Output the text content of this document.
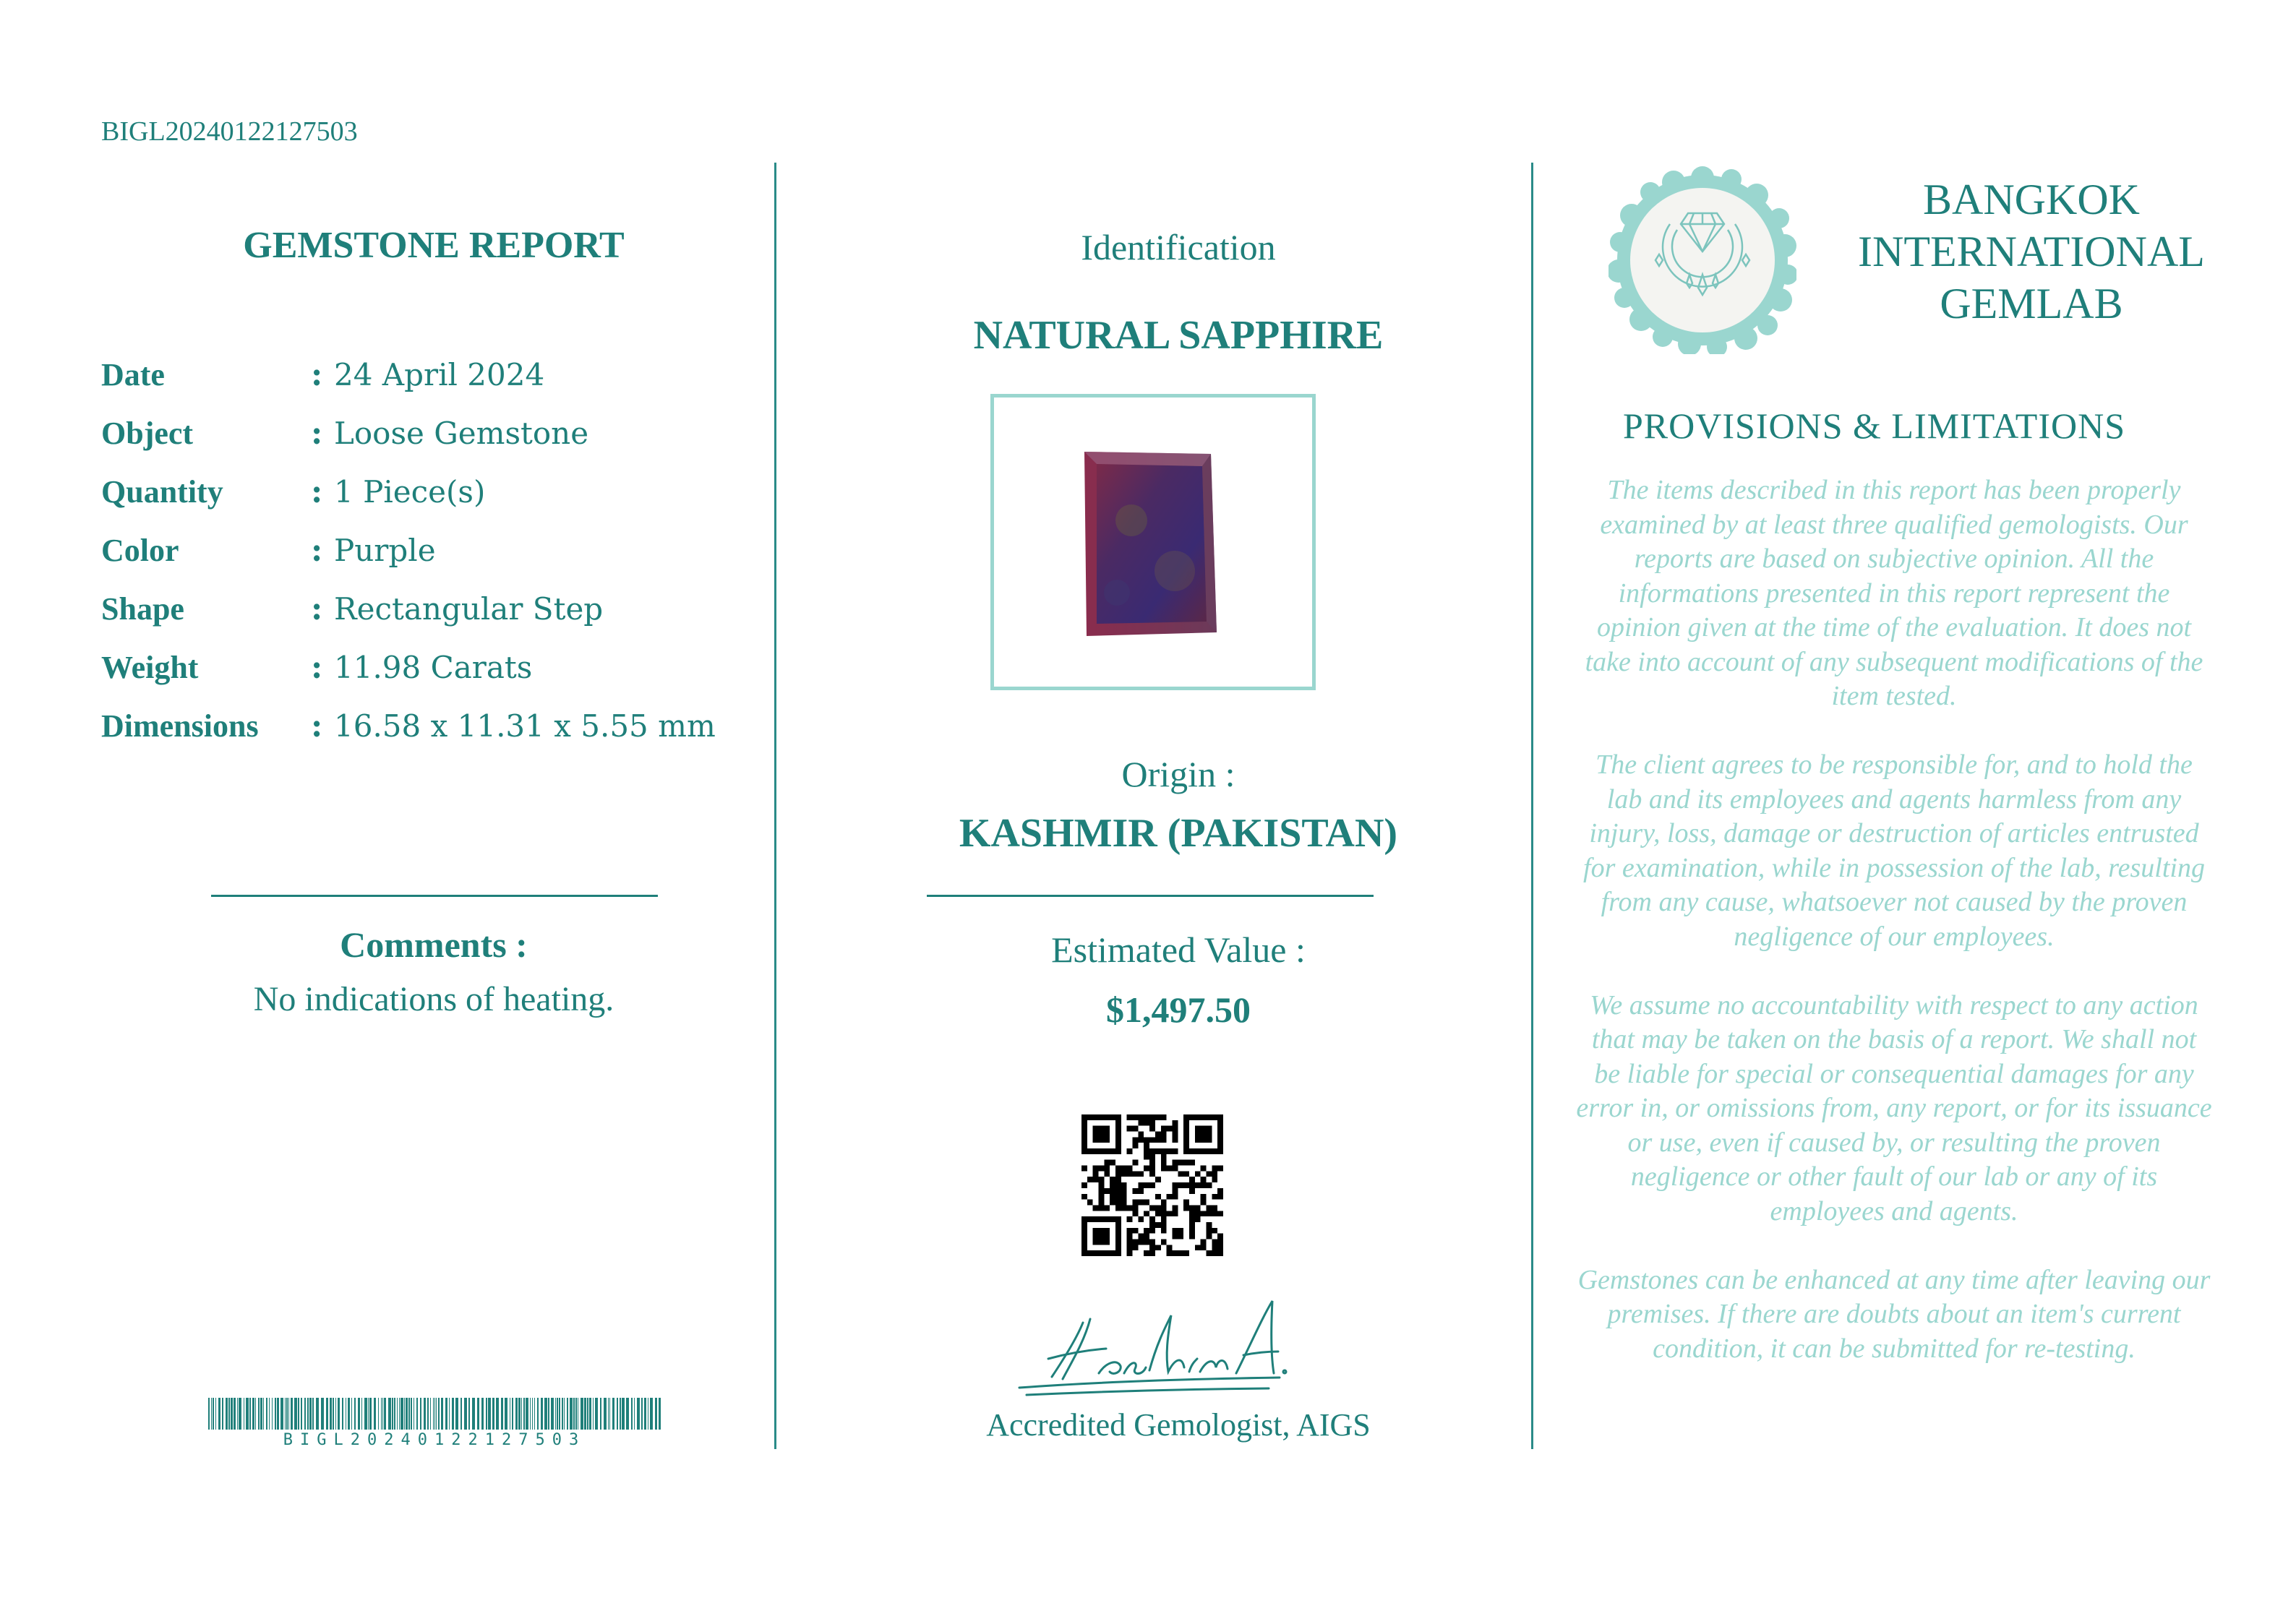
BIGL20240122127503
GEMSTONE REPORT
Date	: 24 April 2024
Object	: Loose Gemstone
Quantity	: 1 Piece(s)
Color	: Purple
Shape	: Rectangular Step
Weight	: 11.98 Carats
Dimensions	: 16.58 x 11.31 x 5.55 mm
Comments :
No indications of heating.
BIGL20240122127503
Identification
NATURAL SAPPHIRE
Origin :
KASHMIR (PAKISTAN)
Estimated Value :
$1,497.50
Accredited Gemologist, AIGS
BANGKOK
INTERNATIONAL
GEMLAB
PROVISIONS & LIMITATIONS

The items described in this report has been properly examined by at least three qualified gemologists. Our reports are based on subjective opinion. All the informations presented in this report represent the opinion given at the time of the evaluation. It does not take into account of any subsequent modifications of the item tested.

The client agrees to be responsible for, and to hold the lab and its employees and agents harmless from any injury, loss, damage or destruction of articles entrusted for examination, while in possession of the lab, resulting from any cause, whatsoever not caused by the proven negligence of our employees.

We assume no accountability with respect to any action that may be taken on the basis of a report. We shall not be liable for special or consequential damages for any error in, or omissions from, any report, or for its issuance or use, even if caused by, or resulting the proven negligence or other fault of our lab or any of its employees and agents.

Gemstones can be enhanced at any time after leaving our premises. If there are doubts about an item's current condition, it can be submitted for re-testing.
